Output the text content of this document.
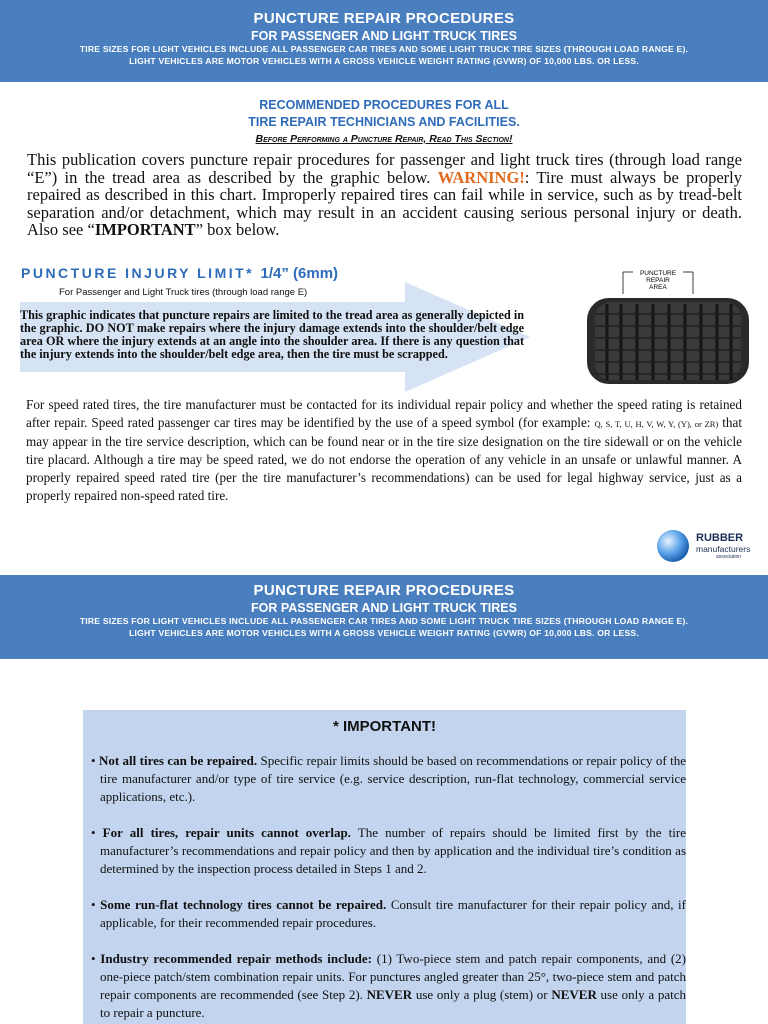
PUNCTURE REPAIR PROCEDURES
FOR PASSENGER AND LIGHT TRUCK TIRES
TIRE SIZES FOR LIGHT VEHICLES INCLUDE ALL PASSENGER CAR TIRES AND SOME LIGHT TRUCK TIRE SIZES (THROUGH LOAD RANGE E).
LIGHT VEHICLES ARE MOTOR VEHICLES WITH A GROSS VEHICLE WEIGHT RATING (GVWR) OF 10,000 LBS. OR LESS.
RECOMMENDED PROCEDURES FOR ALL
TIRE REPAIR TECHNICIANS AND FACILITIES.
Before Performing a Puncture Repair, Read This Section!
This publication covers puncture repair procedures for passenger and light truck tires (through load range “E”) in the tread area as described by the graphic below. WARNING!: Tire must always be properly repaired as described in this chart. Improperly repaired tires can fail while in service, such as by tread-belt separation and/or detachment, which may result in an accident causing serious personal injury or death. Also see “IMPORTANT” box below.
PUNCTURE INJURY LIMIT* 1/4” (6mm)
For Passenger and Light Truck tires (through load range E)
This graphic indicates that puncture repairs are limited to the tread area as generally depicted in the graphic. DO NOT make repairs where the injury damage extends into the shoulder/belt edge area OR where the injury extends at an angle into the shoulder area. If there is any question that the injury extends into the shoulder/belt edge area, then the tire must be scrapped.
PUNCTURE
REPAIR
AREA
For speed rated tires, the tire manufacturer must be contacted for its individual repair policy and whether the speed rating is retained after repair. Speed rated passenger car tires may be identified by the use of a speed symbol (for example: Q, S, T, U, H, V, W, Y, (Y), or ZR) that may appear in the tire service description, which can be found near or in the tire size designation on the tire sidewall or on the vehicle tire placard. Although a tire may be speed rated, we do not endorse the operation of any vehicle in an unsafe or unlawful manner. A properly repaired speed rated tire (per the tire manufacturer’s recommendations) can be used for legal highway service, just as a properly repaired non-speed rated tire.
RUBBER
manufacturers
association
PUNCTURE REPAIR PROCEDURES
FOR PASSENGER AND LIGHT TRUCK TIRES
TIRE SIZES FOR LIGHT VEHICLES INCLUDE ALL PASSENGER CAR TIRES AND SOME LIGHT TRUCK TIRE SIZES (THROUGH LOAD RANGE E).
LIGHT VEHICLES ARE MOTOR VEHICLES WITH A GROSS VEHICLE WEIGHT RATING (GVWR) OF 10,000 LBS. OR LESS.
* IMPORTANT!
• Not all tires can be repaired. Specific repair limits should be based on recommendations or repair policy of the tire manufacturer and/or type of tire service (e.g. service description, run-flat technology, commercial service applications, etc.).
• For all tires, repair units cannot overlap. The number of repairs should be limited first by the tire manufacturer’s recommendations and repair policy and then by application and the individual tire’s condition as determined by the inspection process detailed in Steps 1 and 2.
• Some run-flat technology tires cannot be repaired. Consult tire manufacturer for their repair policy and, if applicable, for their recommended repair procedures.
• Industry recommended repair methods include: (1) Two-piece stem and patch repair components, and (2) one-piece patch/stem combination repair units. For punctures angled greater than 25°, two-piece stem and patch repair components are recommended (see Step 2). NEVER use only a plug (stem) or NEVER use only a patch to repair a puncture.
